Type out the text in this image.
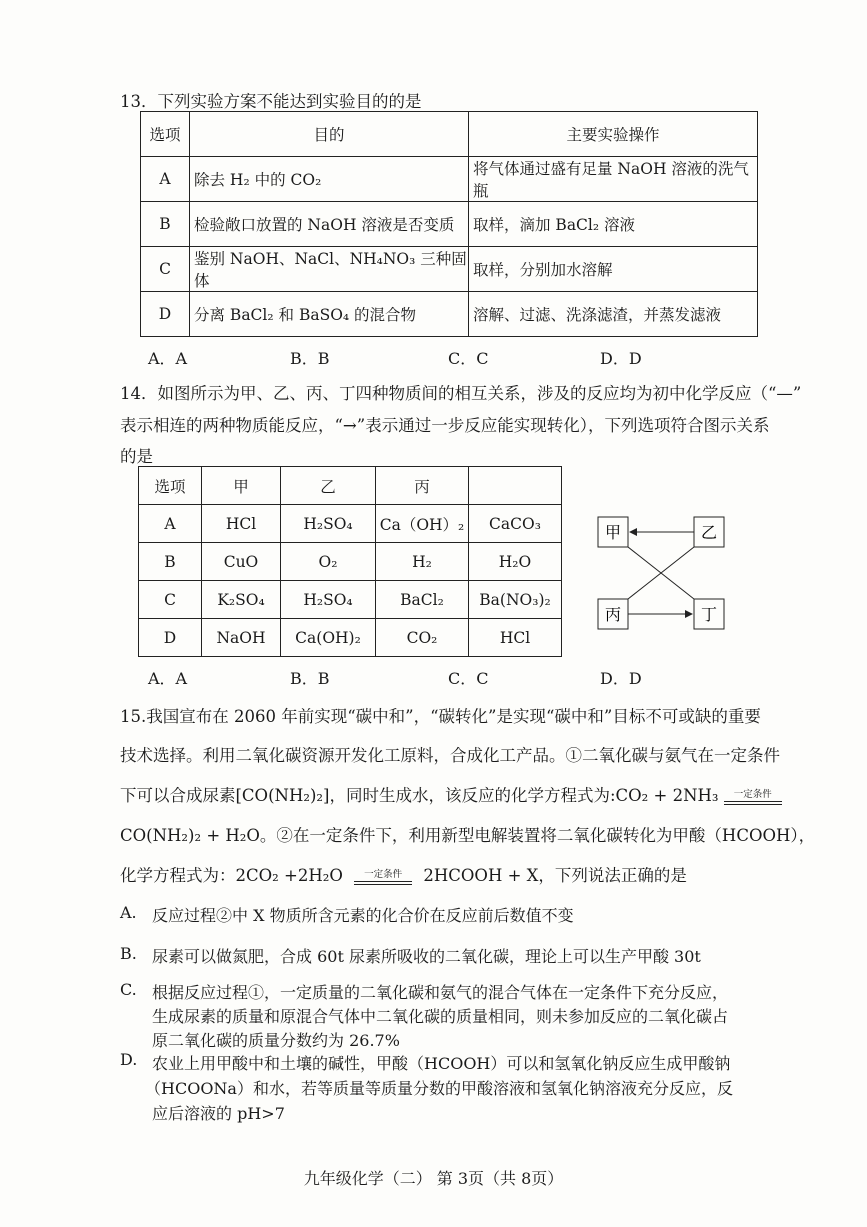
13．下列实验方案不能达到实验目的的是
选项	目的	主要实验操作
A	除去 H₂ 中的 CO₂	将气体通过盛有足量 NaOH 溶液的洗气瓶
B	检验敞口放置的 NaOH 溶液是否变质	取样，滴加 BaCl₂ 溶液
C	鉴别 NaOH、NaCl、NH₄NO₃ 三种固体	取样，分别加水溶解
D	分离 BaCl₂ 和 BaSO₄ 的混合物	溶解、过滤、洗涤滤渣，并蒸发滤液
A．A	B．B	C．C	D．D
14．如图所示为甲、乙、丙、丁四种物质间的相互关系，涉及的反应均为初中化学反应（“—”
表示相连的两种物质能反应，“→”表示通过一步反应能实现转化），下列选项符合图示关系
的是
选项	甲	乙	丙	
A	HCl	H₂SO₄	Ca（OH）₂	CaCO₃
B	CuO	O₂	H₂	H₂O
C	K₂SO₄	H₂SO₄	BaCl₂	Ba(NO₃)₂
D	NaOH	Ca(OH)₂	CO₂	HCl
甲	乙
丙	丁
A．A	B．B	C．C	D．D
15.我国宣布在 2060 年前实现“碳中和”，“碳转化”是实现“碳中和”目标不可或缺的重要
技术选择。利用二氧化碳资源开发化工原料，合成化工产品。①二氧化碳与氨气在一定条件
下可以合成尿素[CO(NH₂)₂]，同时生成水，该反应的化学方程式为:CO₂ + 2NH₃	一定条件
CO(NH₂)₂ + H₂O。②在一定条件下，利用新型电解装置将二氧化碳转化为甲酸（HCOOH），
化学方程式为：2CO₂ +2H₂O	一定条件	2HCOOH + X，下列说法正确的是
A. 反应过程②中 X 物质所含元素的化合价在反应前后数值不变
B. 尿素可以做氮肥，合成 60t 尿素所吸收的二氧化碳，理论上可以生产甲酸 30t
C. 根据反应过程①，一定质量的二氧化碳和氨气的混合气体在一定条件下充分反应，
生成尿素的质量和原混合气体中二氧化碳的质量相同，则未参加反应的二氧化碳占
原二氧化碳的质量分数约为 26.7%
D. 农业上用甲酸中和土壤的碱性，甲酸（HCOOH）可以和氢氧化钠反应生成甲酸钠
（HCOONa）和水，若等质量等质量分数的甲酸溶液和氢氧化钠溶液充分反应，反
应后溶液的 pH>7
九年级化学（二） 第 3页（共 8页）
